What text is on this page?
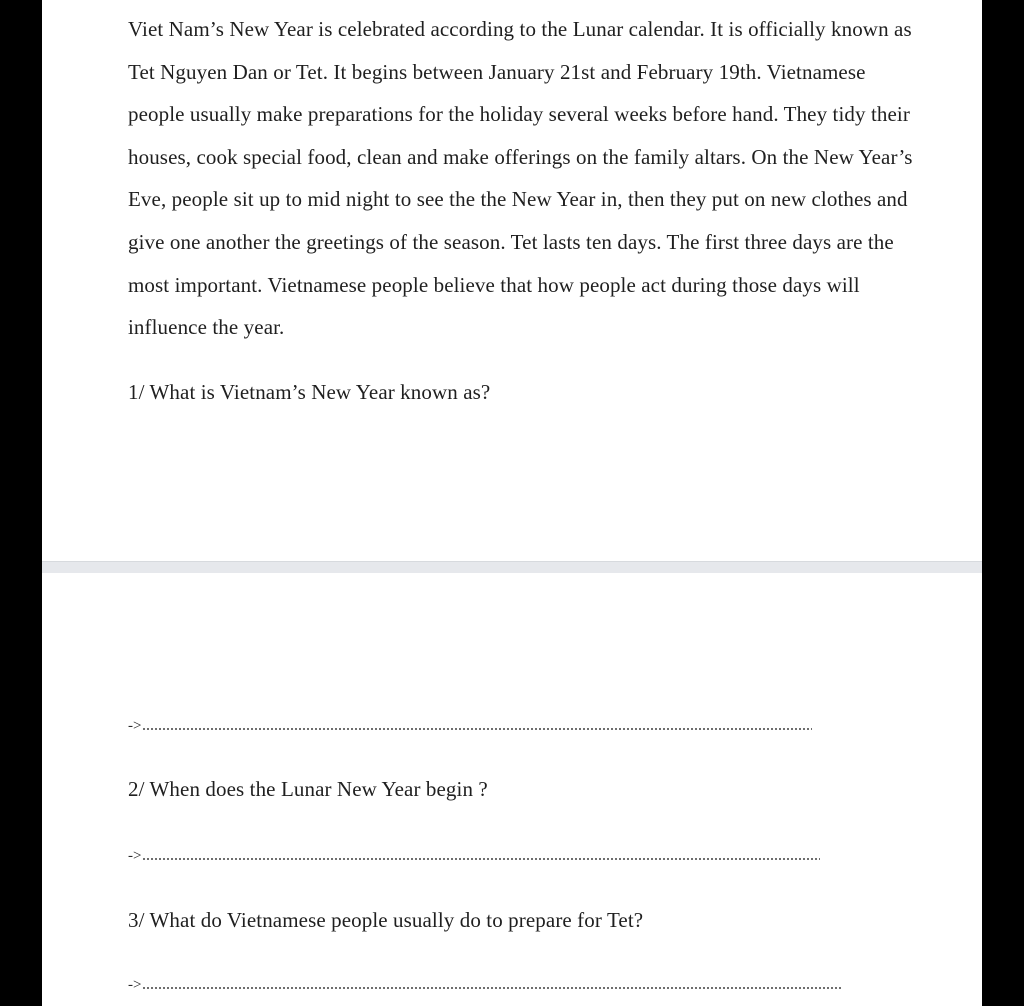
Viet Nam’s New Year is celebrated according to the Lunar calendar. It is officially known as
Tet Nguyen Dan or Tet. It begins between January 21st and February 19th. Vietnamese
people usually make preparations for the holiday several weeks before hand. They tidy their
houses, cook special food, clean and make offerings on the family altars. On the New Year’s
Eve, people sit up to mid night to see the the New Year in, then they put on new clothes and
give one another the greetings of the season. Tet lasts ten days. The first three days are the
most important. Vietnamese people believe that how people act during those days will
influence the year.
1/ What is Vietnam’s New Year known as?
->
2/ When does the Lunar New Year begin ?
->
3/ What do Vietnamese people usually do to prepare for Tet?
->
